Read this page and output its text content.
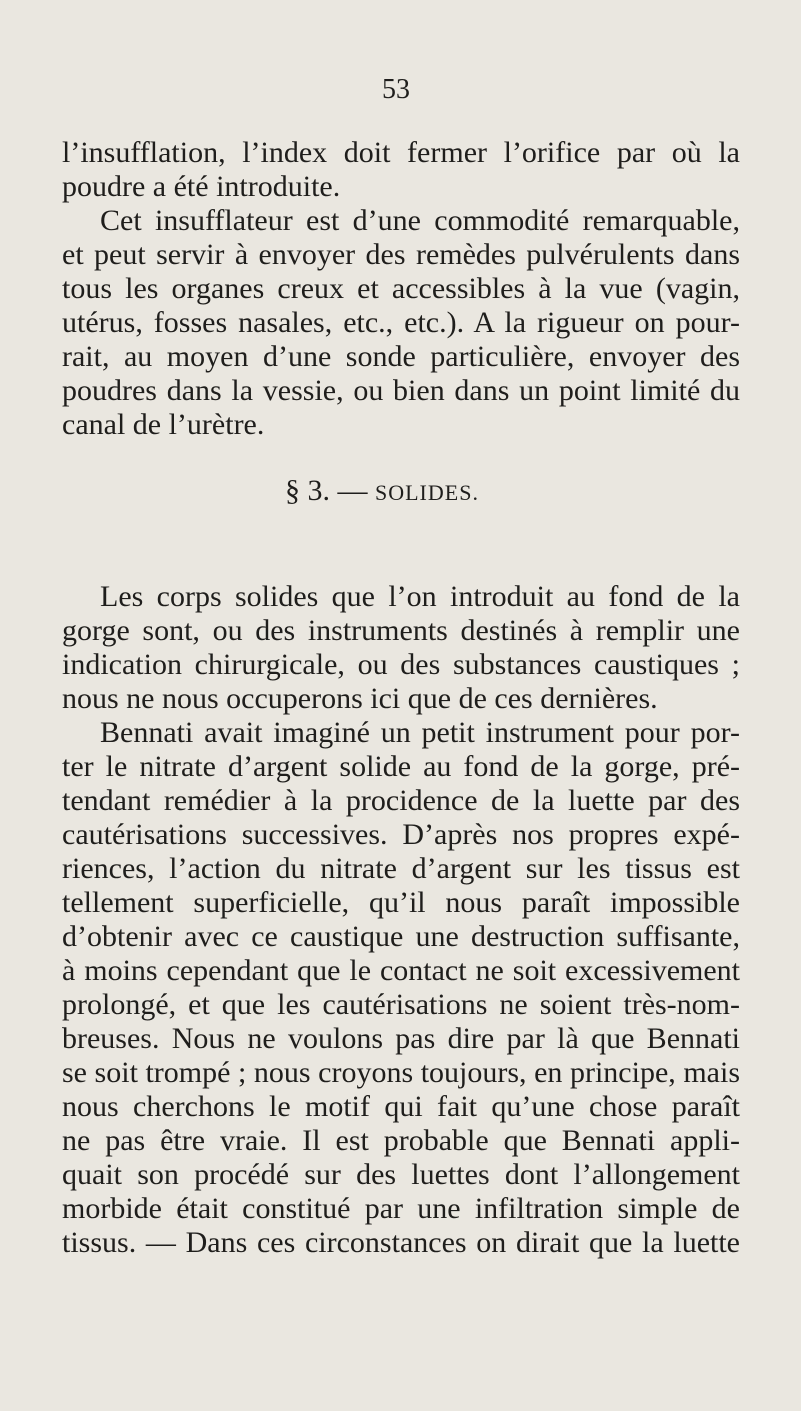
53
l’insufflation, l’index doit fermer l’orifice par où la
poudre a été introduite.
Cet insufflateur est d’une commodité remarquable,
et peut servir à envoyer des remèdes pulvérulents dans
tous les organes creux et accessibles à la vue (vagin,
utérus, fosses nasales, etc., etc.). A la rigueur on pour-
rait, au moyen d’une sonde particulière, envoyer des
poudres dans la vessie, ou bien dans un point limité du
canal de l’urètre.
§ 3. — SOLIDES.
Les corps solides que l’on introduit au fond de la
gorge sont, ou des instruments destinés à remplir une
indication chirurgicale, ou des substances caustiques ;
nous ne nous occuperons ici que de ces dernières.
Bennati avait imaginé un petit instrument pour por-
ter le nitrate d’argent solide au fond de la gorge, pré-
tendant remédier à la procidence de la luette par des
cautérisations successives. D’après nos propres expé-
riences, l’action du nitrate d’argent sur les tissus est
tellement superficielle, qu’il nous paraît impossible
d’obtenir avec ce caustique une destruction suffisante,
à moins cependant que le contact ne soit excessivement
prolongé, et que les cautérisations ne soient très-nom-
breuses. Nous ne voulons pas dire par là que Bennati
se soit trompé ; nous croyons toujours, en principe, mais
nous cherchons le motif qui fait qu’une chose paraît
ne pas être vraie. Il est probable que Bennati appli-
quait son procédé sur des luettes dont l’allongement
morbide était constitué par une infiltration simple de
tissus. — Dans ces circonstances on dirait que la luette
